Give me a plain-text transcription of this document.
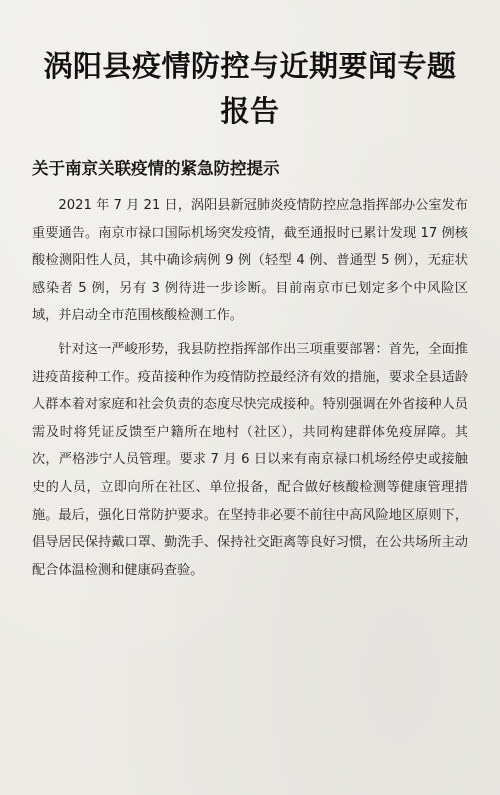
涡阳县疫情防控与近期要闻专题报告
关于南京关联疫情的紧急防控提示

2021 年 7 月 21 日，涡阳县新冠肺炎疫情防控应急指挥部办公室发布重要通告。南京市禄口国际机场突发疫情，截至通报时已累计发现 17 例核酸检测阳性人员，其中确诊病例 9 例（轻型 4 例、普通型 5 例），无症状感染者 5 例，另有 3 例待进一步诊断。目前南京市已划定多个中风险区域，并启动全市范围核酸检测工作。

针对这一严峻形势，我县防控指挥部作出三项重要部署：首先，全面推进疫苗接种工作。疫苗接种作为疫情防控最经济有效的措施，要求全县适龄人群本着对家庭和社会负责的态度尽快完成接种。特别强调在外省接种人员需及时将凭证反馈至户籍所在地村（社区），共同构建群体免疫屏障。其次，严格涉宁人员管理。要求 7 月 6 日以来有南京禄口机场经停史或接触史的人员，立即向所在社区、单位报备，配合做好核酸检测等健康管理措施。最后，强化日常防护要求。在坚持非必要不前往中高风险地区原则下，倡导居民保持戴口罩、勤洗手、保持社交距离等良好习惯，在公共场所主动配合体温检测和健康码查验。
